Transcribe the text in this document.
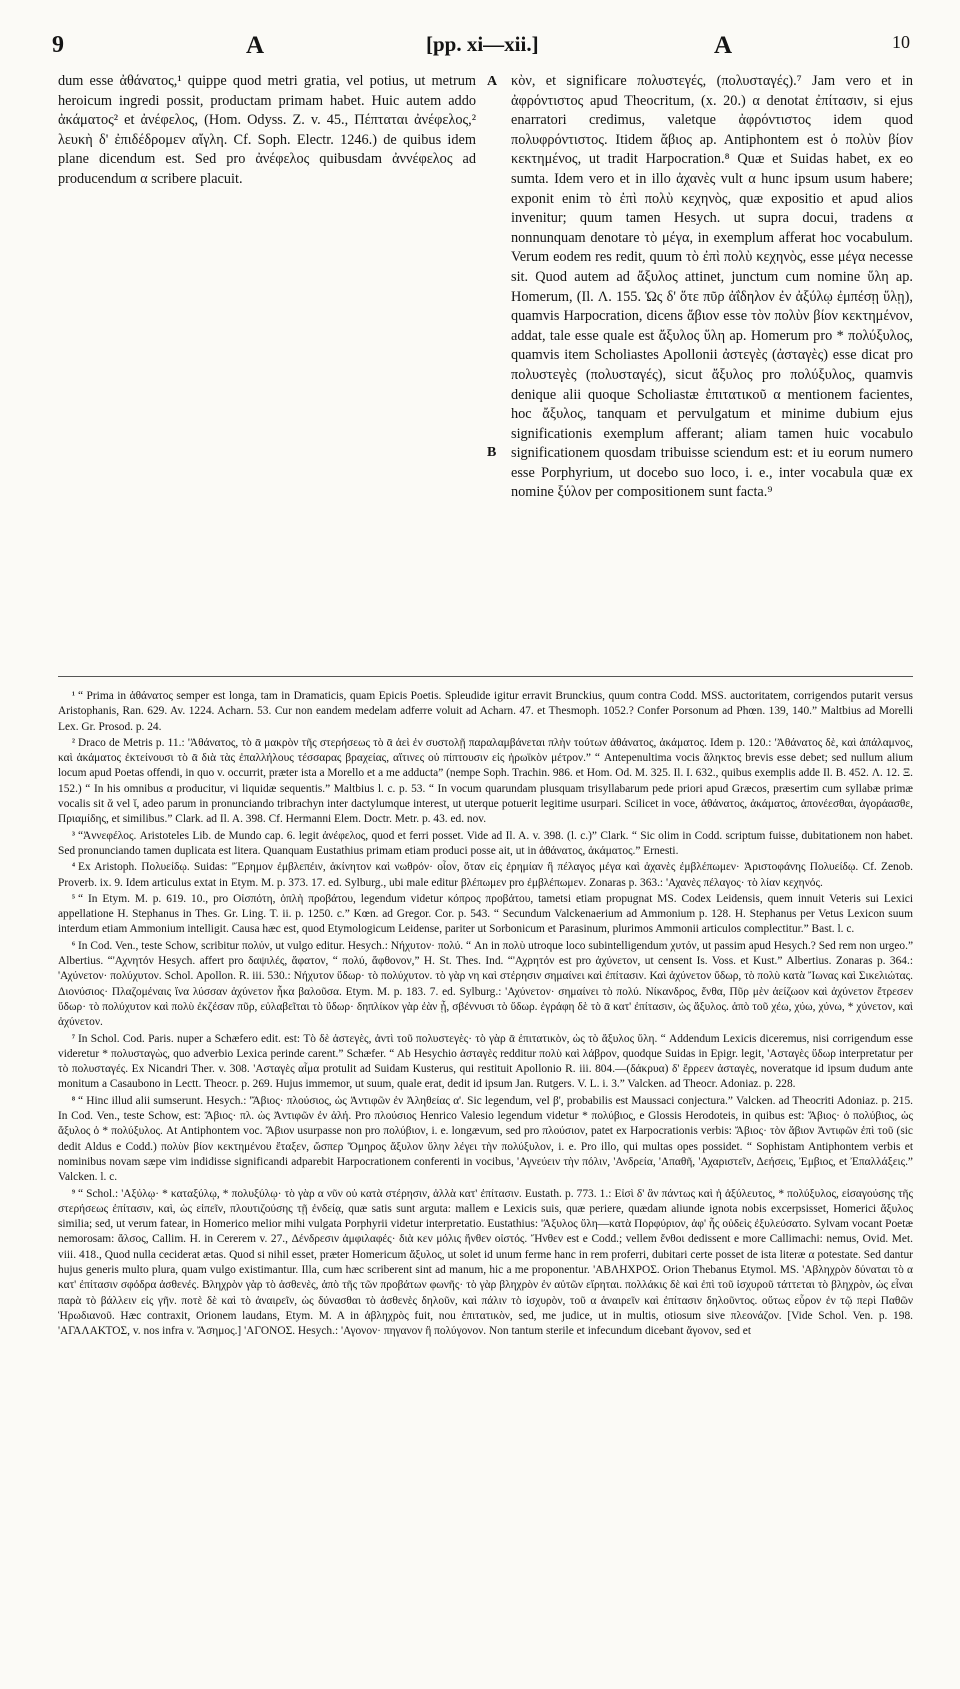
9	A	[pp. xi—xii.]	A	10

dum esse ἀθάνατος,¹ quippe quod metri gratia, vel potius, ut metrum heroicum ingredi possit, productam primam habet. Huic autem addo ἀκάματος² et ἀνέφελος, (Hom. Odyss. Z. v. 45., Πέπταται ἀνέφελος,² λευκὴ δ' ἐπιδέδρομεν αἴγλη. Cf. Soph. Electr. 1246.) de quibus idem plane dicendum est. Sed pro ἀνέφελος quibusdam ἀννέφελος ad producendum α scribere placuit.

A
B

κὸν, et significare πολυστεγές, (πολυσταγές).⁷ Jam vero et in ἀφρόντιστος apud Theocritum, (x. 20.) α denotat ἐπίτασιν, si ejus enarratori credimus, valetque ἀφρόντιστος idem quod πολυφρόντιστος. Itidem ἄβιος ap. Antiphontem est ὁ πολὺν βίον κεκτημένος, ut tradit Harpocration.⁸ Quæ et Suidas habet, ex eo sumta. Idem vero et in illo ἀχανὲς vult α hunc ipsum usum habere; exponit enim τὸ ἐπὶ πολὺ κεχηνὸς, quæ expositio et apud alios invenitur; quum tamen Hesych. ut supra docui, tradens α nonnunquam denotare τὸ μέγα, in exemplum afferat hoc vocabulum. Verum eodem res redit, quum τὸ ἐπὶ πολὺ κεχηνὸς, esse μέγα necesse sit. Quod autem ad ἄξυλος attinet, junctum cum nomine ὕλη ap. Homerum, (Il. Λ. 155. Ὡς δ' ὅτε πῦρ ἀΐδηλον ἐν ἀξύλῳ ἐμπέσῃ ὕλῃ), quamvis Harpocration, dicens ἄβιον esse τὸν πολὺν βίον κεκτημένον, addat, tale esse quale est ἄξυλος ὕλη ap. Homerum pro * πολύξυλος, quamvis item Scholiastes Apollonii ἀστεγὲς (ἀσταγὲς) esse dicat pro πολυστεγὲς (πολυσταγές), sicut ἄξυλος pro πολύξυλος, quamvis denique alii quoque Scholiastæ ἐπιτατικοῦ α mentionem facientes, hoc ἄξυλος, tanquam et pervulgatum et minime dubium ejus significationis exemplum afferant; aliam tamen huic vocabulo significationem quosdam tribuisse sciendum est: et iu eorum numero esse Porphyrium, ut docebo suo loco, i. e., inter vocabula quæ ex nomine ξύλον per compositionem sunt facta.⁹

¹ “ Prima in ἀθάνατος semper est longa, tam in Dramaticis, quam Epicis Poetis. Spleudide igitur erravit Brunckius, quum contra Codd. MSS. auctoritatem, corrigendos putarit versus Aristophanis, Ran. 629. Av. 1224. Acharn. 53. Cur non eandem medelam adferre voluit ad Acharn. 47. et Thesmoph. 1052.? Confer Porsonum ad Phœn. 139, 140.” Maltbius ad Morelli Lex. Gr. Prosod. p. 24.

² Draco de Metris p. 11.: 'Ἀθάνατος, τὸ ᾱ μακρὸν τῆς στερήσεως τὸ ᾱ ἀεὶ ἐν συστολῇ παραλαμβάνεται πλὴν τούτων ἀθάνατος, ἀκάματος. Idem p. 120.: 'Ἀθάνατος δὲ, καὶ ἀπάλαμνος, καὶ ἀκάματος ἐκτείνουσι τὸ ᾱ διὰ τὰς ἐπαλλήλους τέσσαρας βραχείας, αἵτινες οὐ πίπτουσιν εἰς ἡρωϊκὸν μέτρον.” “ Antepenultima vocis ἄληκτος brevis esse debet; sed nullum alium locum apud Poetas offendi, in quo v. occurrit, præter ista a Morello et a me adducta” (nempe Soph. Trachin. 986. et Hom. Od. M. 325. Il. I. 632., quibus exemplis adde Il. B. 452. Λ. 12. Ξ. 152.) “ In his omnibus α producitur, vi liquidæ sequentis.” Maltbius l. c. p. 53. “ In vocum quarundam plusquam trisyllabarum pede priori apud Græcos, præsertim cum syllabæ primæ vocalis sit ᾰ vel ῐ, adeo parum in pronunciando tribrachyn inter dactylumque interest, ut uterque potuerit legitime usurpari. Scilicet in voce, ἀθάνατος, ἀκάματος, ἀπονέεσθαι, ἀγοράασθε, Πριαμίδης, et similibus.” Clark. ad Il. A. 398. Cf. Hermanni Elem. Doctr. Metr. p. 43. ed. nov.

³ “Ἀννεφέλος. Aristoteles Lib. de Mundo cap. 6. legit ἀνέφελος, quod et ferri posset. Vide ad Il. A. v. 398. (l. c.)” Clark. “ Sic olim in Codd. scriptum fuisse, dubitationem non habet. Sed pronunciando tamen duplicata est litera. Quanquam Eustathius primam etiam produci posse ait, ut in ἀθάνατος, ἀκάματος.” Ernesti.

⁴ Ex Aristoph. Πολυείδῳ. Suidas: 'Ἔρημον ἐμβλεπέιν, ἀκίνητον καὶ νωθρόν· οἷον, ὅταν εἰς ἐρημίαν ἢ πέλαγος μέγα καὶ ἀχανὲς ἐμβλέπωμεν· Ἀριστοφάνης Πολυείδῳ. Cf. Zenob. Proverb. ix. 9. Idem articulus extat in Etym. M. p. 373. 17. ed. Sylburg., ubi male editur βλέπωμεν pro ἐμβλέπωμεν. Zonaras p. 363.: 'Αχανὲς πέλαγος· τὸ λίαν κεχηνός.

⁵ “ In Etym. M. p. 619. 10., pro Οἰσπότη, ὀπλὴ προβάτου, legendum videtur κόπρος προβάτου, tametsi etiam propugnat MS. Codex Leidensis, quem innuit Veteris sui Lexici appellatione H. Stephanus in Thes. Gr. Ling. T. ii. p. 1250. c.” Kœn. ad Gregor. Cor. p. 543. “ Secundum Valckenaerium ad Ammonium p. 128. H. Stephanus per Vetus Lexicon suum interdum etiam Ammonium intelligit. Causa hæc est, quod Etymologicum Leidense, pariter ut Sorbonicum et Parasinum, plurimos Ammonii articulos complectitur.” Bast. l. c.

⁶ In Cod. Ven., teste Schow, scribitur πολύν, ut vulgo editur. Hesych.: Νήχυτον· πολύ. “ An in πολὺ utroque loco subintelligendum χυτόν, ut passim apud Hesych.? Sed rem non urgeo.” Albertius. “'Αχνητόν Hesych. affert pro δαψιλές, ἄφατον, “ πολύ, ἄφθονον,” H. St. Thes. Ind. “'Αχρητόν est pro ἀχύνετον, ut censent Is. Voss. et Kust.” Albertius. Zonaras p. 364.: 'Αχύνετον· πολύχυτον. Schol. Apollon. R. iii. 530.: Νήχυτον ὕδωρ· τὸ πολύχυτον. τὸ γὰρ νη καὶ στέρησιν σημαίνει καὶ ἐπίτασιν. Καὶ ἀχύνετον ὕδωρ, τὸ πολὺ κατὰ Ἴωνας καὶ Σικελιώτας. Διονύσιος· Πλαζομέναις ἵνα λύσσαν ἀχύνετον ἧκα βαλοῦσα. Etym. M. p. 183. 7. ed. Sylburg.: 'Αχύνετον· σημαίνει τὸ πολύ. Νίκανδρος, ἔνθα, Πῦρ μὲν ἀείζωον καὶ ἀχύνετον ἔτρεσεν ὕδωρ· τὸ πολύχυτον καὶ πολὺ ἐκζέσαν πῦρ, εὐλαβεῖται τὸ ὕδωρ· δηπλίκον γὰρ ἐὰν ᾖ, σβέννυσι τὸ ὕδωρ. ἐγράφη δὲ τὸ ᾱ κατ' ἐπίτασιν, ὡς ἄξυλος. ἀπὸ τοῦ χέω, χύω, χύνω, * χύνετον, καὶ ἀχύνετον.

⁷ In Schol. Cod. Paris. nuper a Schæfero edit. est: Τὸ δὲ ἀστεγὲς, ἀντὶ τοῦ πολυστεγὲς· τὸ γὰρ ᾱ ἐπιτατικὸν, ὡς τὸ ἄξυλος ὕλη. “ Addendum Lexicis diceremus, nisi corrigendum esse videretur * πολυσταγὼς, quo adverbio Lexica perinde carent.” Schæfer. “ Ab Hesychio ἀσταγὲς redditur πολὺ καὶ λάβρον, quodque Suidas in Epigr. legit, 'Ασταγὲς ὕδωρ interpretatur per τὸ πολυσταγές. Ex Nicandri Ther. v. 308. 'Ασταγὲς αἷμα protulit ad Suidam Kusterus, qui restituit Apollonio R. iii. 804.—(δάκρυα) δ' ἔρρεεν ἀσταγὲς, noveratque id ipsum dudum ante monitum a Casaubono in Lectt. Theocr. p. 269. Hujus immemor, ut suum, quale erat, dedit id ipsum Jan. Rutgers. V. L. i. 3.” Valcken. ad Theocr. Adoniaz. p. 228.

⁸ “ Hinc illud alii sumserunt. Hesych.: 'Ἄβιος· πλούσιος, ὡς Ἀντιφῶν ἐν Ἀληθείας α'. Sic legendum, vel β', probabilis est Maussaci conjectura.” Valcken. ad Theocriti Adoniaz. p. 215. In Cod. Ven., teste Schow, est: Ἄβιος· πλ. ὡς Ἀντιφῶν ἐν ἀλή. Pro πλούσιος Henrico Valesio legendum videtur * πολύβιος, e Glossis Herodoteis, in quibus est: Ἄβιος· ὁ πολύβιος, ὡς ἄξυλος ὁ * πολύξυλος. At Antiphontem voc. Ἄβιον usurpasse non pro πολύβιον, i. e. longævum, sed pro πλούσιον, patet ex Harpocrationis verbis: Ἄβιος· τὸν ἄβιον Ἀντιφῶν ἐπὶ τοῦ (sic dedit Aldus e Codd.) πολὺν βίον κεκτημένου ἔταξεν, ὥσπερ Ὅμηρος ἄξυλον ὕλην λέγει τὴν πολύξυλον, i. e. Pro illo, qui multas opes possidet. “ Sophistam Antiphontem verbis et nominibus novam sæpe vim indidisse significandi adparebit Harpocrationem conferenti in vocibus, 'Αγνεύειν τὴν πόλιν, 'Ανδρεία, 'Απαθῆ, 'Αχαριστεῖν, Δεήσεις, Ἐμβιος, et Ἐπαλλάξεις.” Valcken. l. c.

⁹ “ Schol.: 'Αξύλῳ· * καταξύλῳ, * πολυξύλῳ· τὸ γὰρ α νῦν οὐ κατὰ στέρησιν, ἀλλὰ κατ' ἐπίτασιν. Eustath. p. 773. 1.: Εἰσὶ δ' ἂν πάντως καὶ ἡ ἀξύλευτος, * πολύξυλος, εἰσαγούσης τῆς στερήσεως ἐπίτασιν, καὶ, ὡς εἰπεῖν, πλουτιζούσης τῇ ἐνδείᾳ, quæ satis sunt arguta: mallem e Lexicis suis, quæ periere, quædam aliunde ignota nobis excerpsisset, Homerici ἄξυλος similia; sed, ut verum fatear, in Homerico melior mihi vulgata Porphyrii videtur interpretatio. Eustathius: 'Άξυλος ὕλη—κατὰ Πορφύριον, ἀφ' ἧς οὐδεὶς ἐξυλεύσατο. Sylvam vocant Poetæ nemorosam: ἄλσος, Callim. H. in Cererem v. 27., Δένδρεσιν ἀμφιλαφές· διὰ κεν μόλις ἤνθεν οἰστός. Ἤνθεν est e Codd.; vellem ἔνθοι dedissent e more Callimachi: nemus, Ovid. Met. viii. 418., Quod nulla ceciderat ætas. Quod si nihil esset, præter Homericum ἄξυλος, ut solet id unum ferme hanc in rem proferri, dubitari certe posset de ista literæ α potestate. Sed dantur hujus generis multo plura, quam vulgo existimantur. Illa, cum hæc scriberent sint ad manum, hic a me proponentur. 'ΑΒΛΗΧΡΟΣ. Orion Thebanus Etymol. MS. 'Αβληχρὸν δύναται τὸ α κατ' ἐπίτασιν σφόδρα ἀσθενές. Βληχρὸν γὰρ τὸ ἀσθενὲς, ἀπὸ τῆς τῶν προβάτων φωνῆς· τὸ γὰρ βληχρὸν ἐν αὐτῶν εἴρηται. πολλάκις δὲ καὶ ἐπὶ τοῦ ἰσχυροῦ τάττεται τὸ βληχρὸν, ὡς εἶναι παρὰ τὸ βάλλειν εἰς γῆν. ποτὲ δὲ καὶ τὸ ἀναιρεῖν, ὡς δύνασθαι τὸ ἀσθενὲς δηλοῦν, καὶ πάλιν τὸ ἰσχυρὸν, τοῦ α ἀναιρεῖν καὶ ἐπίτασιν δηλοῦντος. οὕτως εὗρον ἐν τῷ περὶ Παθῶν Ἡρωδιανοῦ. Hæc contraxit, Orionem laudans, Etym. M. A in ἀβληχρὸς fuit, nou ἐπιτατικὸν, sed, me judice, ut in multis, otiosum sive πλεονάζον. [Vide Schol. Ven. p. 198. 'ΑΓΑΛΑΚΤΟΣ, v. nos infra v. Ἄσημος.] 'ΑΓΟΝΟΣ. Hesych.: 'Αγονον· πηγανον ἢ πολύγονον. Non tantum sterile et infecundum dicebant ἄγονον, sed et
